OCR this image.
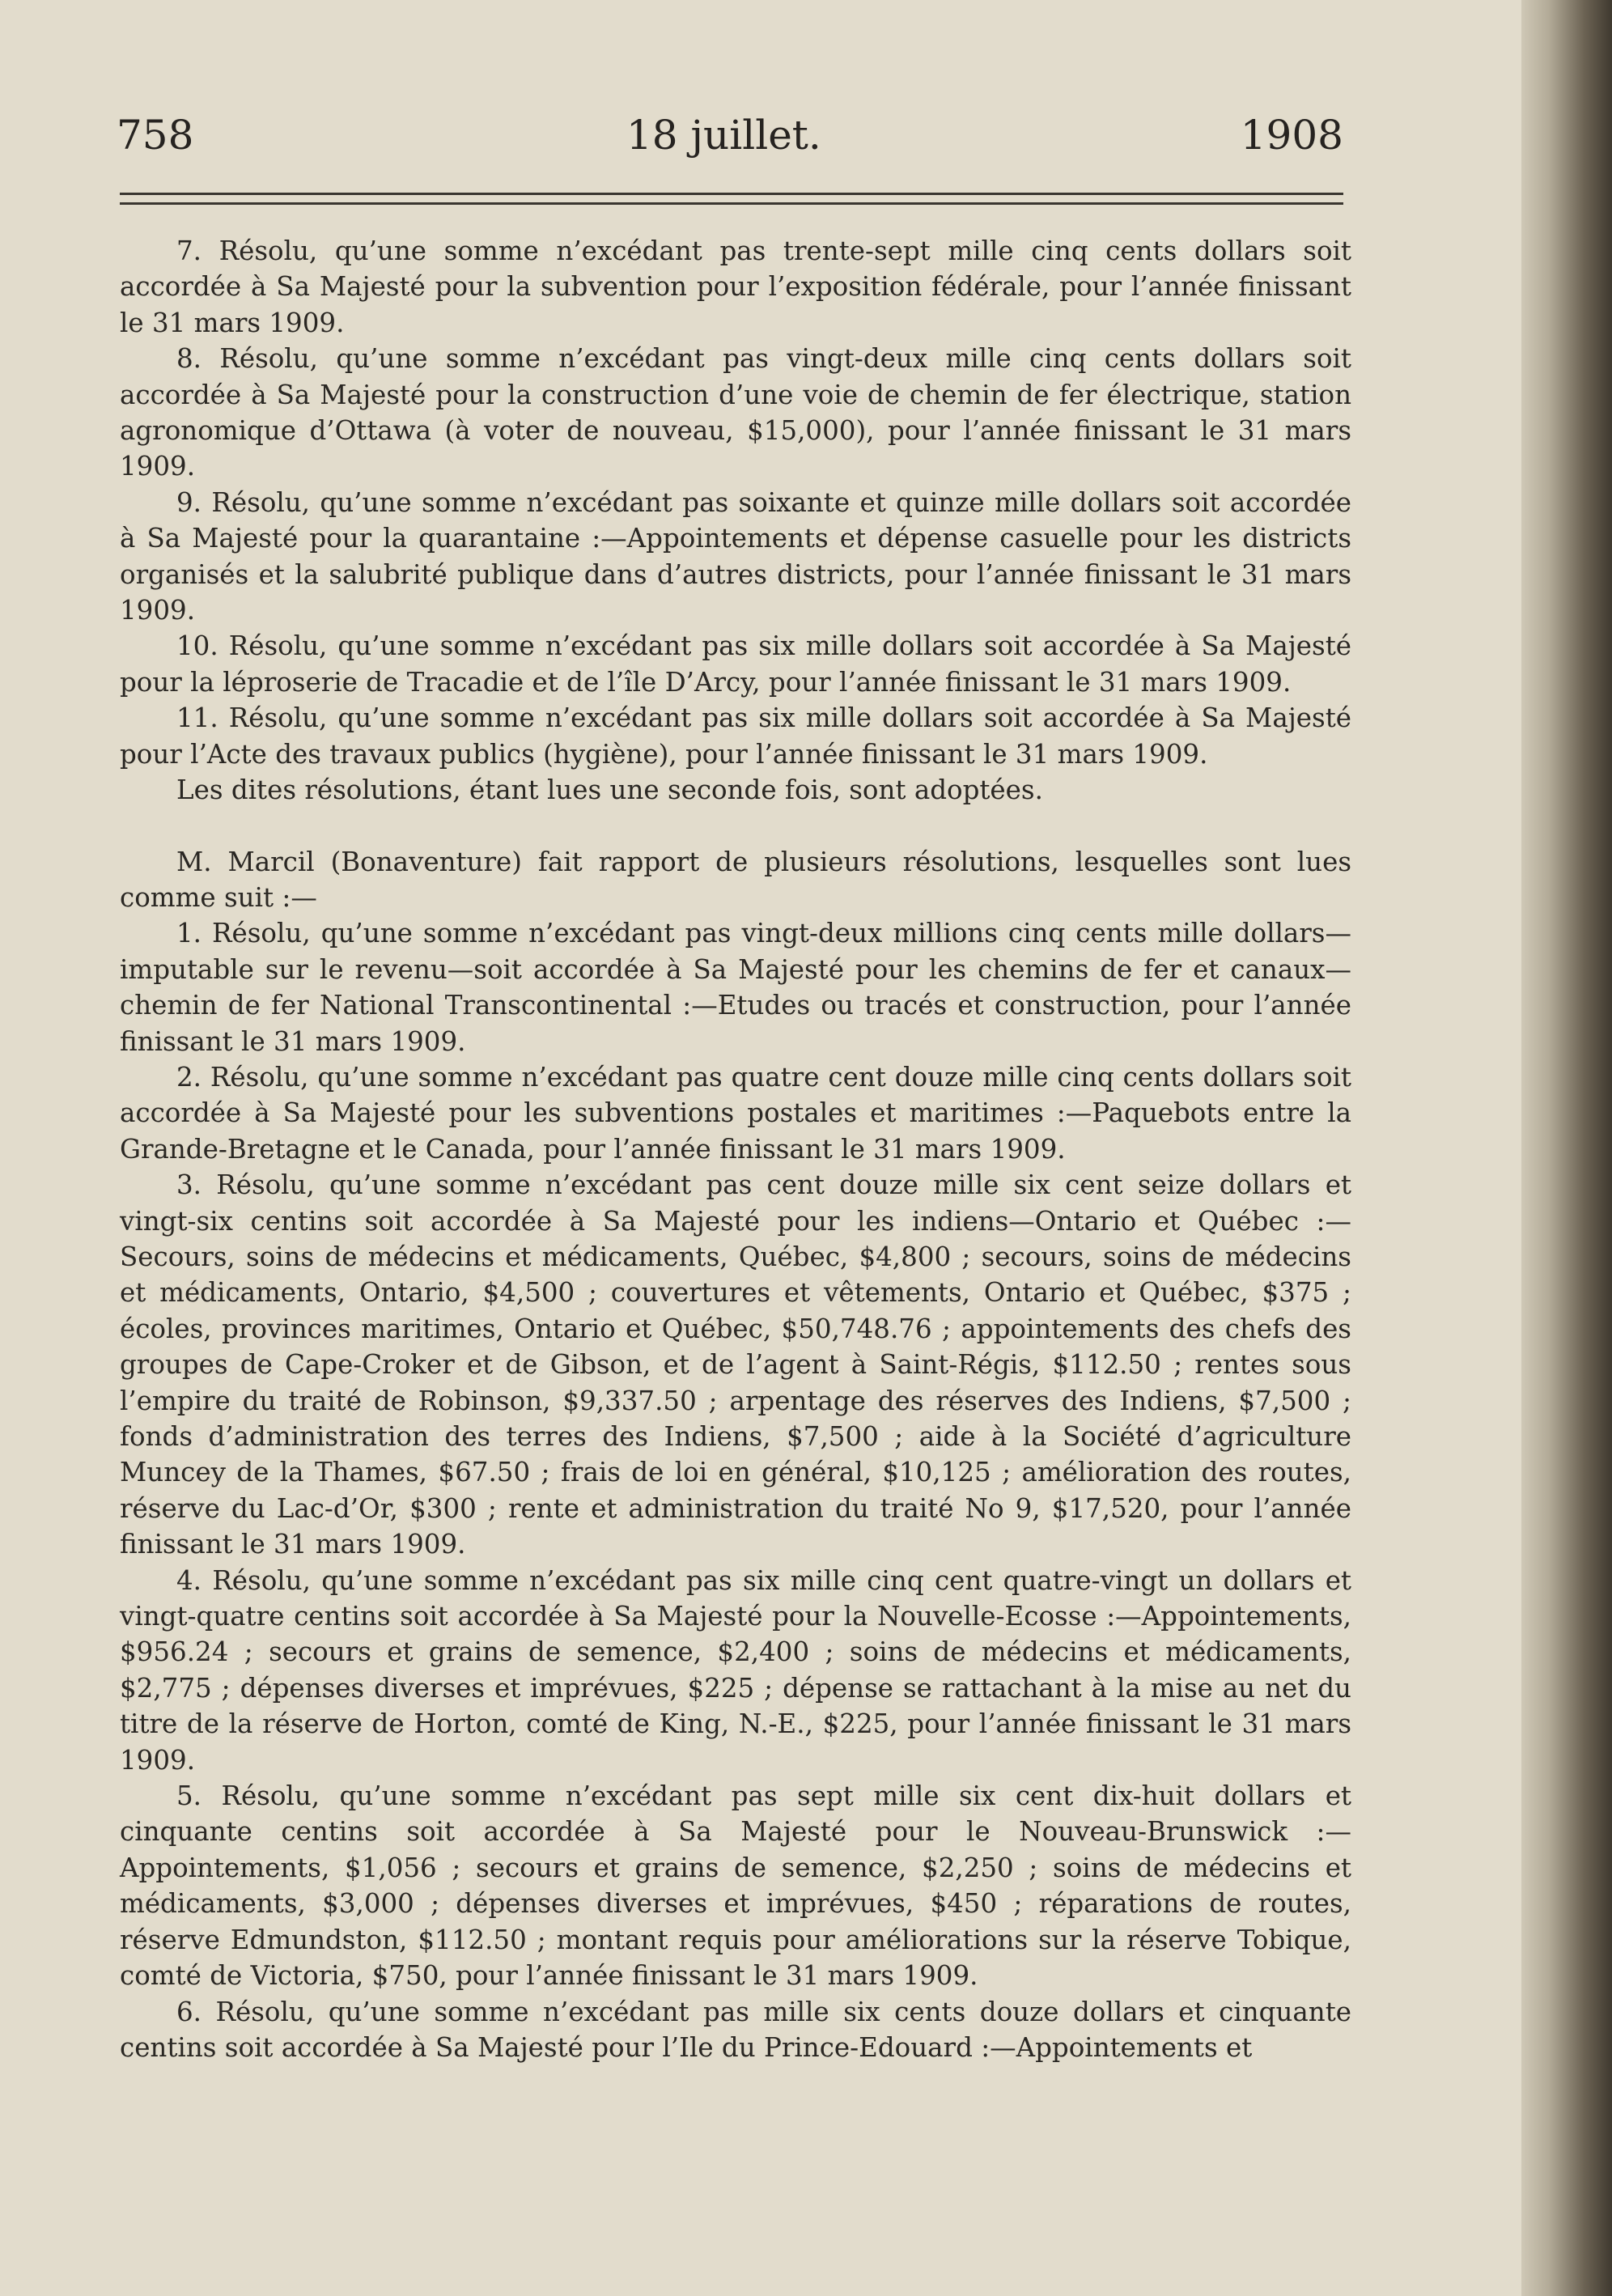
758	18 juillet.	1908

7. Résolu, qu’une somme n’excédant pas trente-sept mille cinq cents dollars soit accordée à Sa Majesté pour la subvention pour l’exposition fédérale, pour l’année finissant le 31 mars 1909.

8. Résolu, qu’une somme n’excédant pas vingt-deux mille cinq cents dollars soit accordée à Sa Majesté pour la construction d’une voie de chemin de fer électrique, station agronomique d’Ottawa (à voter de nouveau, $15,000), pour l’année finissant le 31 mars 1909.

9. Résolu, qu’une somme n’excédant pas soixante et quinze mille dollars soit accordée à Sa Majesté pour la quarantaine :—Appointements et dépense casuelle pour les districts organisés et la salubrité publique dans d’autres districts, pour l’année finissant le 31 mars 1909.

10. Résolu, qu’une somme n’excédant pas six mille dollars soit accordée à Sa Majesté pour la léproserie de Tracadie et de l’île D’Arcy, pour l’année finissant le 31 mars 1909.

11. Résolu, qu’une somme n’excédant pas six mille dollars soit accordée à Sa Majesté pour l’Acte des travaux publics (hygiène), pour l’année finissant le 31 mars 1909.

Les dites résolutions, étant lues une seconde fois, sont adoptées.

M. Marcil (Bonaventure) fait rapport de plusieurs résolutions, lesquelles sont lues comme suit :—

1. Résolu, qu’une somme n’excédant pas vingt-deux millions cinq cents mille dollars—imputable sur le revenu—soit accordée à Sa Majesté pour les chemins de fer et canaux—chemin de fer National Transcontinental :—Etudes ou tracés et construction, pour l’année finissant le 31 mars 1909.

2. Résolu, qu’une somme n’excédant pas quatre cent douze mille cinq cents dollars soit accordée à Sa Majesté pour les subventions postales et maritimes :—Paquebots entre la Grande-Bretagne et le Canada, pour l’année finissant le 31 mars 1909.

3. Résolu, qu’une somme n’excédant pas cent douze mille six cent seize dollars et vingt-six centins soit accordée à Sa Majesté pour les indiens—Ontario et Québec :—Secours, soins de médecins et médicaments, Québec, $4,800 ; secours, soins de médecins et médicaments, Ontario, $4,500 ; couvertures et vêtements, Ontario et Québec, $375 ; écoles, provinces maritimes, Ontario et Québec, $50,748.76 ; appointements des chefs des groupes de Cape-Croker et de Gibson, et de l’agent à Saint-Régis, $112.50 ; rentes sous l’empire du traité de Robinson, $9,337.50 ; arpentage des réserves des Indiens, $7,500 ; fonds d’administration des terres des Indiens, $7,500 ; aide à la Société d’agriculture Muncey de la Thames, $67.50 ; frais de loi en général, $10,125 ; amélioration des routes, réserve du Lac-d’Or, $300 ; rente et administration du traité No 9, $17,520, pour l’année finissant le 31 mars 1909.

4. Résolu, qu’une somme n’excédant pas six mille cinq cent quatre-vingt un dollars et vingt-quatre centins soit accordée à Sa Majesté pour la Nouvelle-Ecosse :—Appointements, $956.24 ; secours et grains de semence, $2,400 ; soins de médecins et médicaments, $2,775 ; dépenses diverses et imprévues, $225 ; dépense se rattachant à la mise au net du titre de la réserve de Horton, comté de King, N.-E., $225, pour l’année finissant le 31 mars 1909.

5. Résolu, qu’une somme n’excédant pas sept mille six cent dix-huit dollars et cinquante centins soit accordée à Sa Majesté pour le Nouveau-Brunswick :—Appointements, $1,056 ; secours et grains de semence, $2,250 ; soins de médecins et médicaments, $3,000 ; dépenses diverses et imprévues, $450 ; réparations de routes, réserve Edmundston, $112.50 ; montant requis pour améliorations sur la réserve Tobique, comté de Victoria, $750, pour l’année finissant le 31 mars 1909.

6. Résolu, qu’une somme n’excédant pas mille six cents douze dollars et cinquante centins soit accordée à Sa Majesté pour l’Ile du Prince-Edouard :—Appointements et
